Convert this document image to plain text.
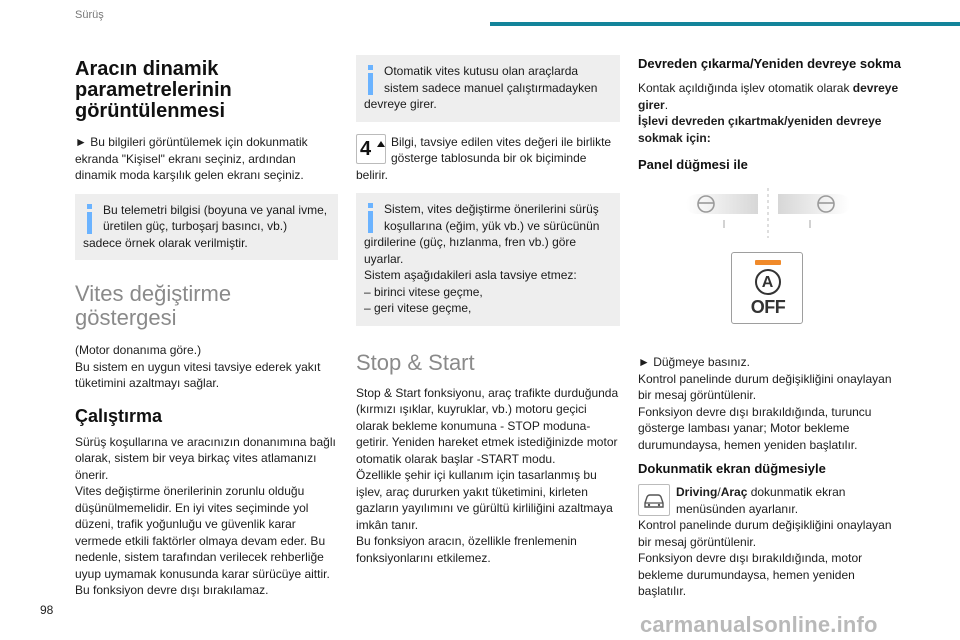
Sürüş
Aracın dinamik parametrelerinin görüntülenmesi

► Bu bilgileri görüntülemek için dokunmatik ekranda "Kişisel" ekranı seçiniz, ardından dinamik moda karşılık gelen ekranı seçiniz.

Bu telemetri bilgisi (boyuna ve yanal ivme, üretilen güç, turboşarj basıncı, vb.) sadece örnek olarak verilmiştir.
Vites değiştirme göstergesi

(Motor donanıma göre.)
Bu sistem en uygun vitesi tavsiye ederek yakıt tüketimini azaltmayı sağlar.

Çalıştırma

Sürüş koşullarına ve aracınızın donanımına bağlı olarak, sistem bir veya birkaç vites atlamanızı önerir.
Vites değiştirme önerilerinin zorunlu olduğu düşünülmemelidir. En iyi vites seçiminde yol düzeni, trafik yoğunluğu ve güvenlik karar vermede etkili faktörler olmaya devam eder. Bu nedenle, sistem tarafından verilecek rehberliğe uyup uymamak konusunda karar sürücüye aittir.
Bu fonksiyon devre dışı bırakılamaz.

Otomatik vites kutusu olan araçlarda sistem sadece manuel çalıştırmadayken devreye girer.
4	Bilgi, tavsiye edilen vites değeri ile birlikte gösterge tablosunda bir ok biçiminde belirir.

Sistem, vites değiştirme önerilerini sürüş koşullarına (eğim, yük vb.) ve sürücünün girdilerine (güç, hızlanma, fren vb.) göre uyarlar.
Sistem aşağıdakileri asla tavsiye etmez:
– birinci vitese geçme,
– geri vitese geçme,
Stop & Start

Stop & Start fonksiyonu, araç trafikte durduğunda (kırmızı ışıklar, kuyruklar, vb.) motoru geçici olarak bekleme konumuna - STOP moduna- getirir. Yeniden hareket etmek istediğinizde motor otomatik olarak başlar -START modu.
Özellikle şehir içi kullanım için tasarlanmış bu işlev, araç dururken yakıt tüketimini, kirleten gazların yayılımını ve gürültü kirliliğini azaltmaya imkân tanır.
Bu fonksiyon aracın, özellikle frenlemenin fonksiyonlarını etkilemez.

Devreden çıkarma/Yeniden devreye sokma

Kontak açıldığında işlev otomatik olarak devreye girer.
İşlevi devreden çıkartmak/yeniden devreye sokmak için:

Panel düğmesi ile
A
OFF

► Düğmeye basınız.
Kontrol panelinde durum değişikliğini onaylayan bir mesaj görüntülenir.
Fonksiyon devre dışı bırakıldığında, turuncu gösterge lambası yanar; Motor bekleme durumundaysa, hemen yeniden başlatılır.

Dokunmatik ekran düğmesiyle

Driving/Araç dokunmatik ekran menüsünden ayarlanır.

Kontrol panelinde durum değişikliğini onaylayan bir mesaj görüntülenir.
Fonksiyon devre dışı bırakıldığında, motor bekleme durumundaysa, hemen yeniden başlatılır.

98
carmanualsonline.info
